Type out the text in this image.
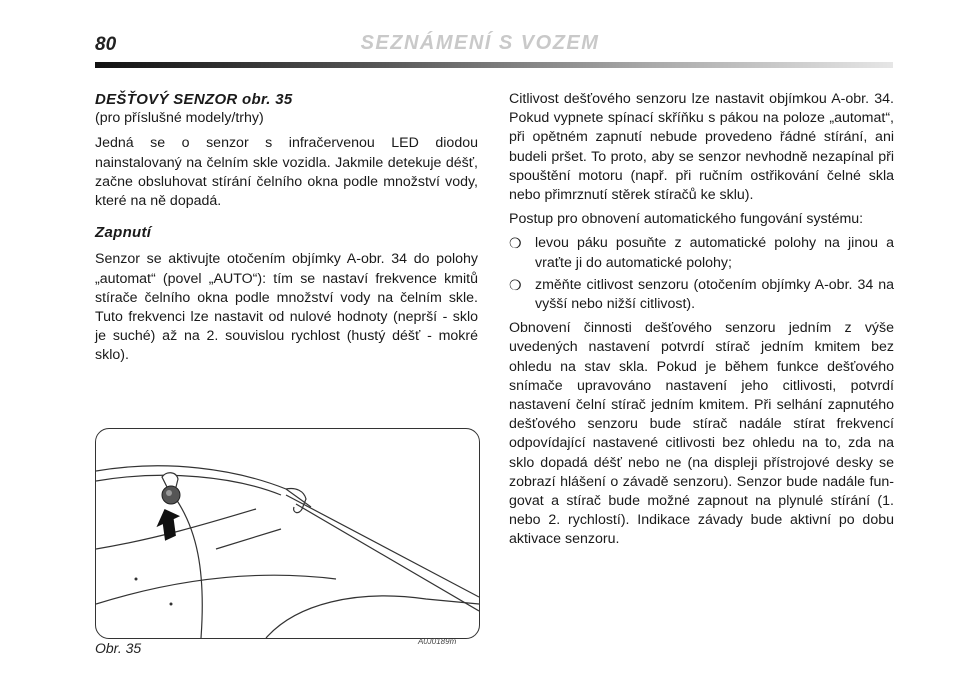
80	SEZNÁMENÍ S VOZEM
DEŠŤOVÝ SENZOR obr. 35
(pro příslušné modely/trhy)

Jedná se o senzor s infračervenou LED diodou nainstalovaný na čelním skle vozidla. Jakmile detekuje déšť, začne obsluhovat stírání čelního okna podle množství vody, které na ně dopadá.

Zapnutí

Senzor se aktivujte otočením objímky A-obr. 34 do polohy „automat“ (povel „AUTO“): tím se nastaví frekvence kmitů stírače čelního okna podle množství vody na čelním skle. Tuto frekvenci lze nastavit od nulové hodnoty (neprší - sklo je suché) až na 2. souvislou rychlost (hustý déšť - mokré sklo).

Citlivost dešťového senzoru lze nastavit objímkou A-obr. 34. Pokud vypnete spínací skříňku s pákou na poloze „automat“, při opětném zapnutí nebude provedeno řádné stírání, ani budeli pršet. To proto, aby se senzor nevhodně nezapínal při spouštění motoru (např. při ručním ostřikování čelné skla nebo přimrznutí stěrek stíračů ke sklu).

Postup pro obnovení automatického fungování systému:

❍ levou páku posuňte z automatické polohy na jinou a vraťte ji do automatické polohy;
❍ změňte citlivost senzoru (otočením objímky A-obr. 34 na vyšší nebo nižší citlivost).

Obnovení činnosti dešťového senzoru jedním z výše uvedených nastavení potvrdí stírač jedním kmitem bez ohledu na stav skla. Pokud je během funkce dešťového snímače upravováno nastavení jeho citlivosti, potvrdí nastavení čelní stírač jedním kmitem. Při selhání zapnutého dešťového senzoru bude stírač nadále stírat frekvencí odpovídající nastavené citlivosti bez ohledu na to, zda na sklo dopadá déšť nebo ne (na displeji přístrojové desky se zobrazí hlášení o závadě senzoru). Senzor bude nadále fungovat a stírač bude možné zapnout na plynulé stírání (1. nebo 2. rychlostí). Indikace závady bude aktivní po dobu aktivace senzoru.

Obr. 35	A0J0189m
